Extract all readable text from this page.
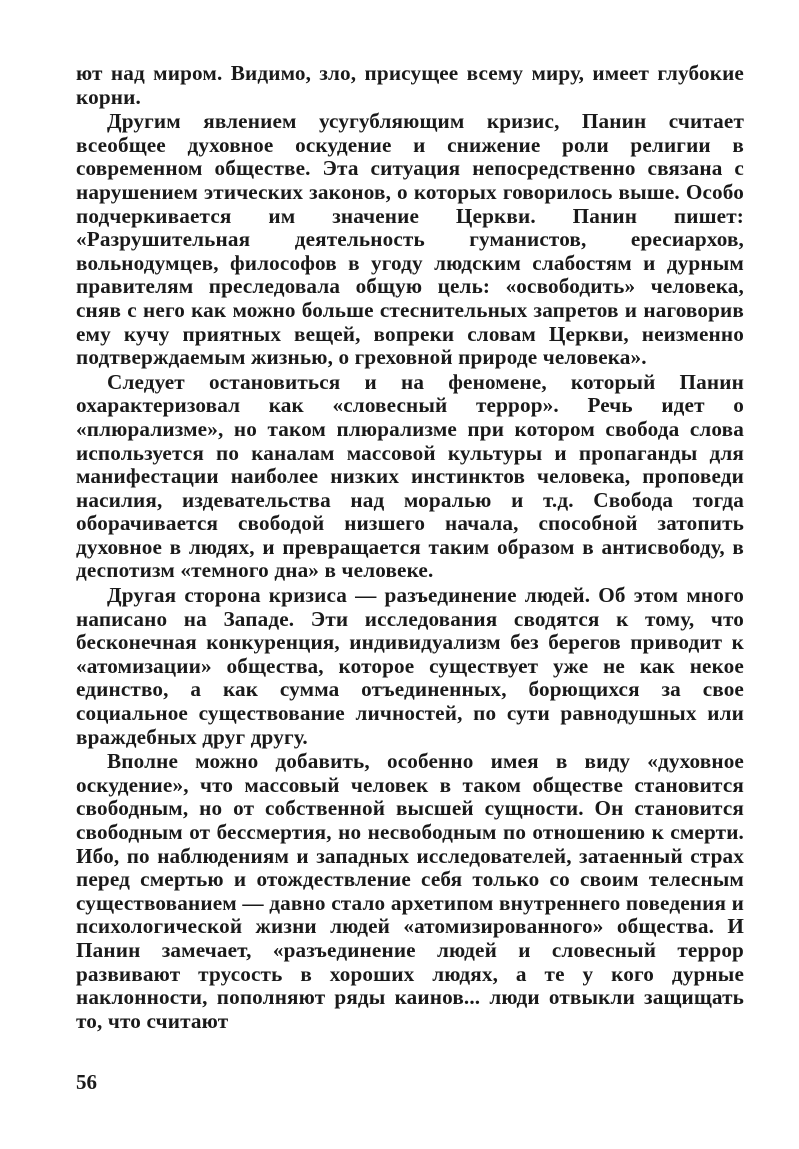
ют над миром. Видимо, зло, присущее всему миру, имеет глубокие корни.

Другим явлением усугубляющим кризис, Панин считает всеобщее духовное оскудение и снижение роли религии в современном обществе. Эта ситуация непосредственно связана с нарушением этических законов, о которых говорилось выше. Особо подчеркивается им значение Церкви. Панин пишет: «Разрушительная деятельность гуманистов, ересиархов, вольнодумцев, философов в угоду людским слабостям и дурным правителям преследовала общую цель: «освободить» человека, сняв с него как можно больше стеснительных запретов и наговорив ему кучу приятных вещей, вопреки словам Церкви, неизменно подтверждаемым жизнью, о греховной природе человека».

Следует остановиться и на феномене, который Панин охарактеризовал как «словесный террор». Речь идет о «плюрализме», но таком плюрализме при котором свобода слова используется по каналам массовой культуры и пропаганды для манифестации наиболее низких инстинктов человека, проповеди насилия, издевательства над моралью и т.д. Свобода тогда оборачивается свободой низшего начала, способной затопить духовное в людях, и превращается таким образом в антисвободу, в деспотизм «темного дна» в человеке.

Другая сторона кризиса — разъединение людей. Об этом много написано на Западе. Эти исследования сводятся к тому, что бесконечная конкуренция, индивидуализм без берегов приводит к «атомизации» общества, которое существует уже не как некое единство, а как сумма отъединенных, борющихся за свое социальное существование личностей, по сути равнодушных или враждебных друг другу.

Вполне можно добавить, особенно имея в виду «духовное оскудение», что массовый человек в таком обществе становится свободным, но от собственной высшей сущности. Он становится свободным от бессмертия, но несвободным по отношению к смерти. Ибо, по наблюдениям и западных исследователей, затаенный страх перед смертью и отождествление себя только со своим телесным существованием — давно стало архетипом внутреннего поведения и психологической жизни людей «атомизированного» общества. И Панин замечает, «разъединение людей и словесный террор развивают трусость в хороших людях, а те у кого дурные наклонности, пополняют ряды каинов... люди отвыкли защищать то, что считают

56
